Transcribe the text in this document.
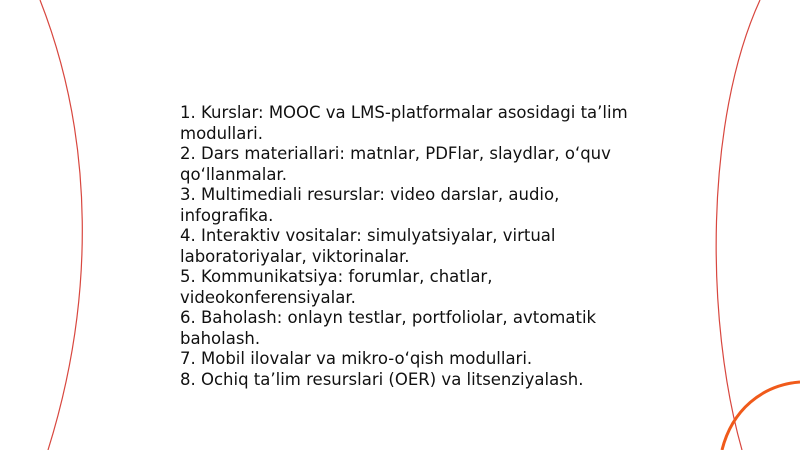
1. Kurslar: MOOC va LMS-platformalar asosidagi ta’lim modullari.
2. Dars materiallari: matnlar, PDFlar, slaydlar, o‘quv qo‘llanmalar.
3. Multimediali resurslar: video darslar, audio, infografika.
4. Interaktiv vositalar: simulyatsiyalar, virtual laboratoriyalar, viktorinalar.
5. Kommunikatsiya: forumlar, chatlar, videokonferensiyalar.
6. Baholash: onlayn testlar, portfoliolar, avtomatik baholash.
7. Mobil ilovalar va mikro-o‘qish modullari.
8. Ochiq ta’lim resurslari (OER) va litsenziyalash.
